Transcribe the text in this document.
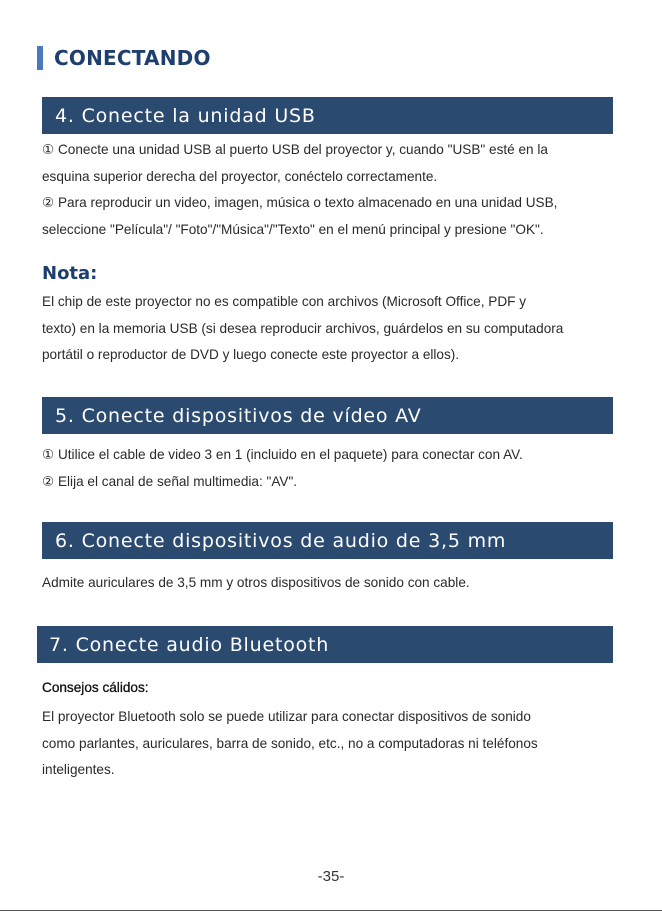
CONECTANDO
4. Conecte la unidad USB

① Conecte una unidad USB al puerto USB del proyector y, cuando "USB" esté en la

esquina superior derecha del proyector, conéctelo correctamente.

② Para reproducir un video, imagen, música o texto almacenado en una unidad USB,

seleccione "Película"/ "Foto"/"Música"/"Texto" en el menú principal y presione "OK".

Nota:

El chip de este proyector no es compatible con archivos (Microsoft Office, PDF y

texto) en la memoria USB (si desea reproducir archivos, guárdelos en su computadora

portátil o reproductor de DVD y luego conecte este proyector a ellos).

5. Conecte dispositivos de vídeo AV

① Utilice el cable de video 3 en 1 (incluido en el paquete) para conectar con AV.

② Elija el canal de señal multimedia: "AV".

6. Conecte dispositivos de audio de 3,5 mm

Admite auriculares de 3,5 mm y otros dispositivos de sonido con cable.

7. Conecte audio Bluetooth
Consejos cálidos:

El proyector Bluetooth solo se puede utilizar para conectar dispositivos de sonido

como parlantes, auriculares, barra de sonido, etc., no a computadoras ni teléfonos

inteligentes.

-35-
